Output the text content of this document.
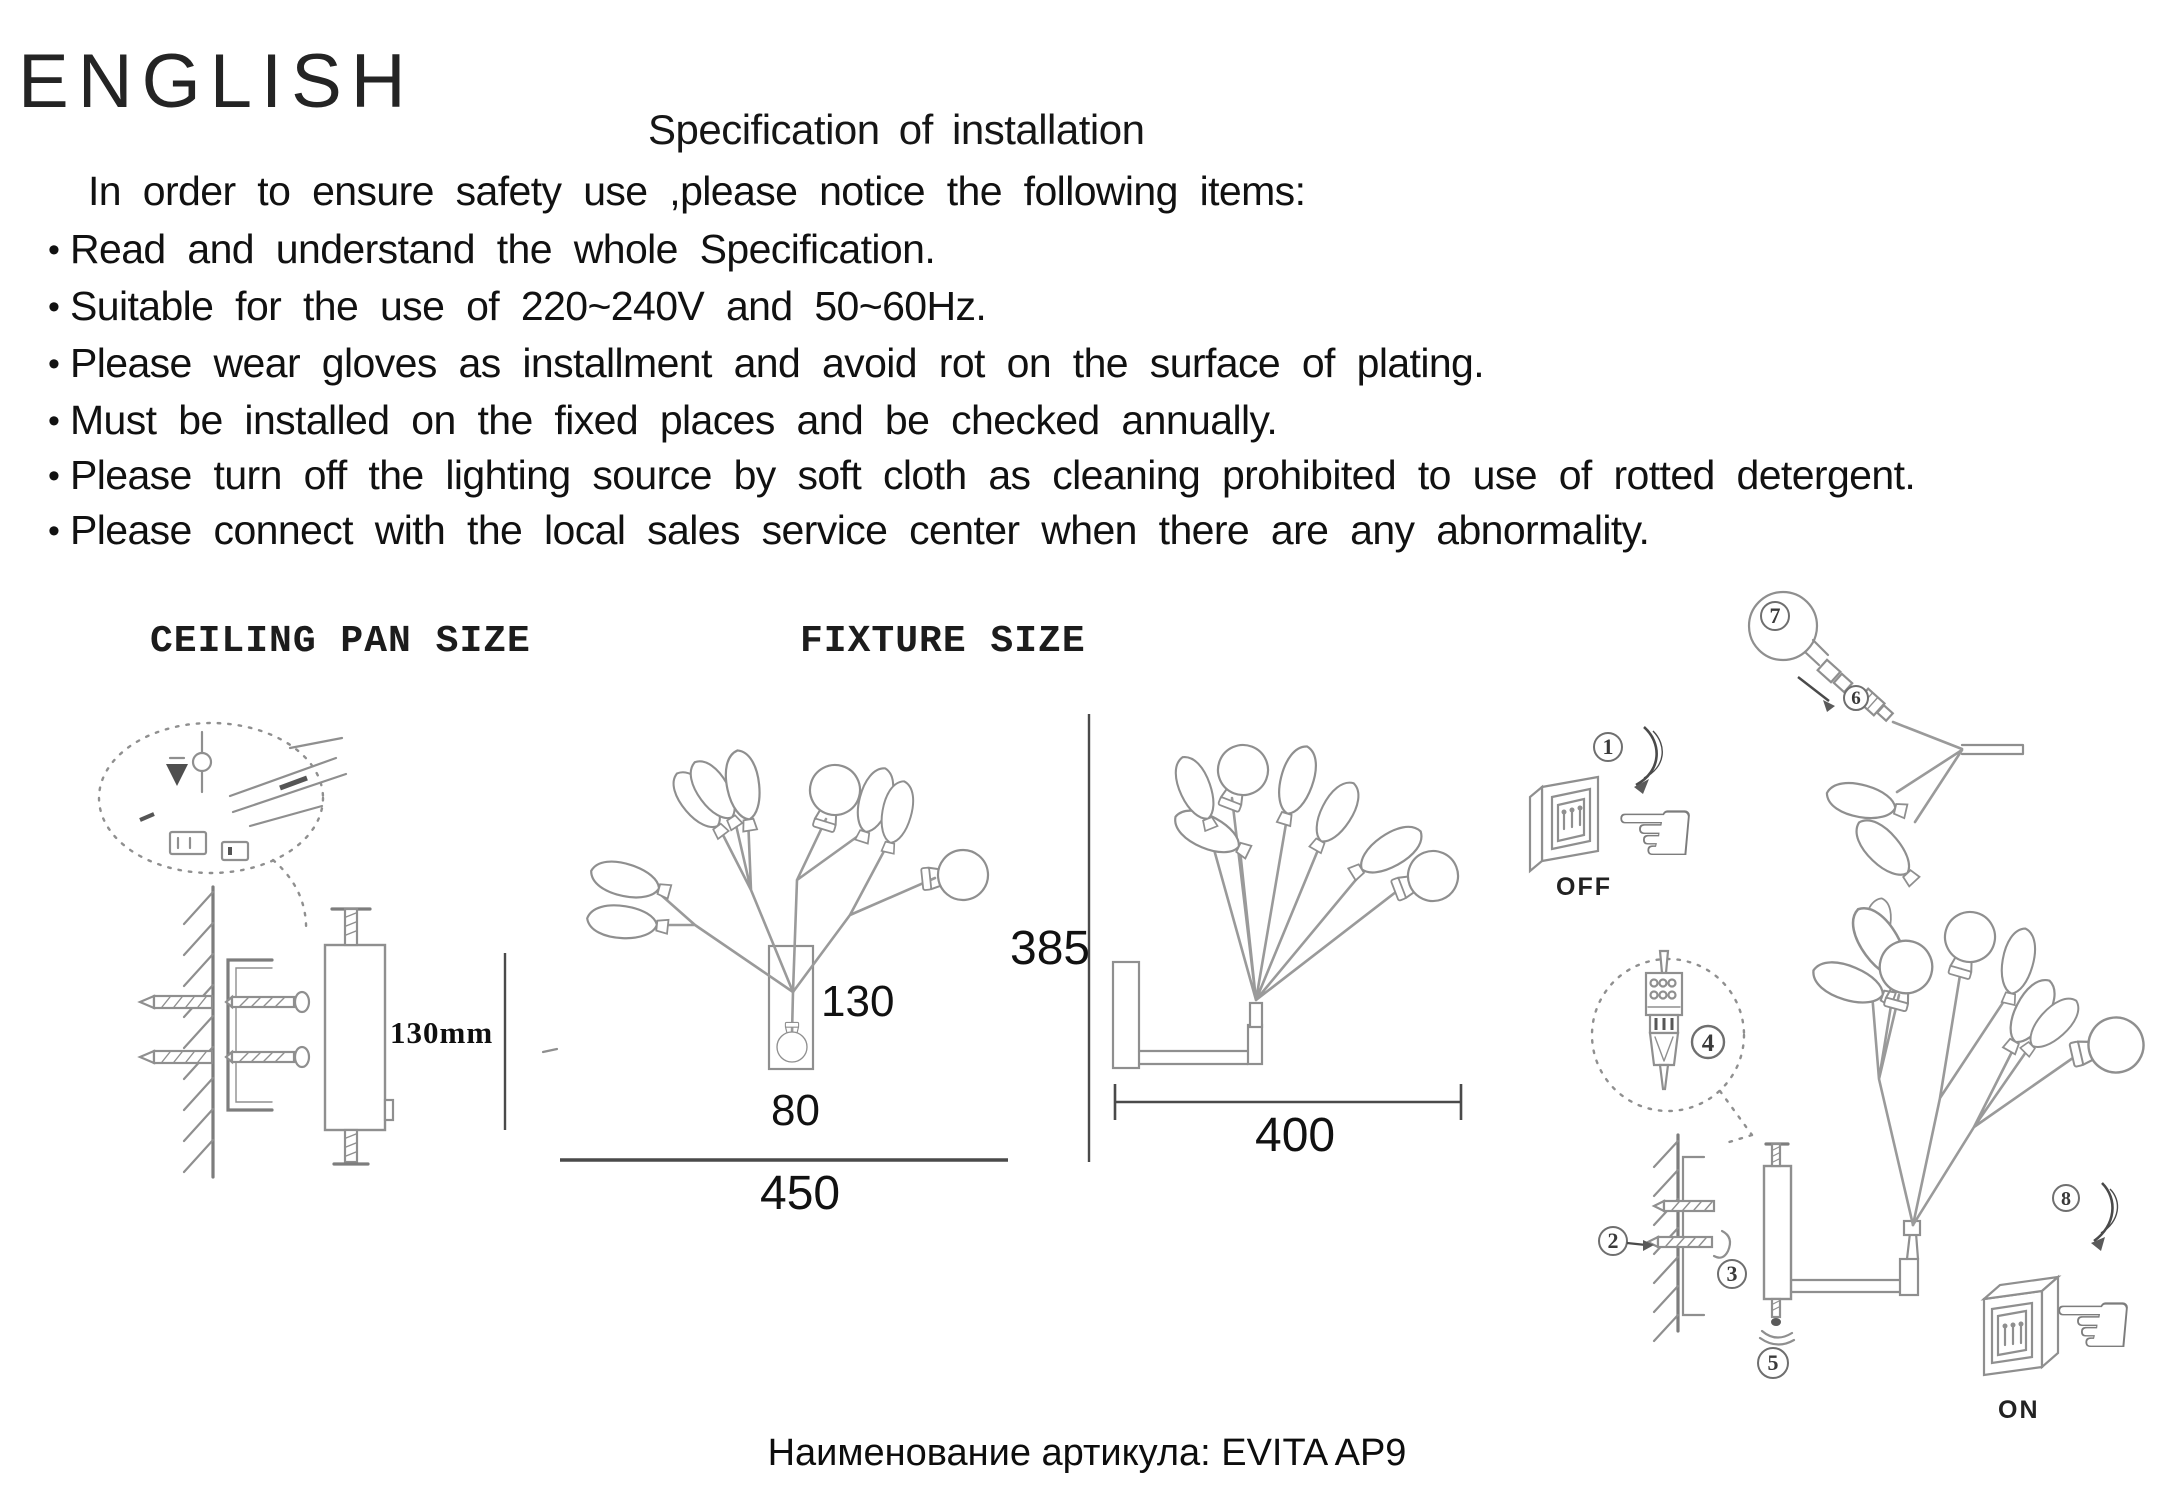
ENGLISH
Specification of installation
In order to ensure safety use ,please notice the following items:
• Read and understand the whole Specification.
• Suitable for the use of 220~240V and 50~60Hz.
• Please wear gloves as installment and avoid rot on the surface of plating.
• Must be installed on the fixed places and be checked annually.
• Please turn off the lighting source by soft cloth as cleaning prohibited to use of rotted detergent.
• Please connect with the local sales service center when there are any abnormality.
CEILING PAN SIZE	FIXTURE SIZE
130mm
130
80
450
385
400
1
☜
OFF
7
6
4
2
3
5
8
☜
ON
Наименование артикула: EVITA AP9
